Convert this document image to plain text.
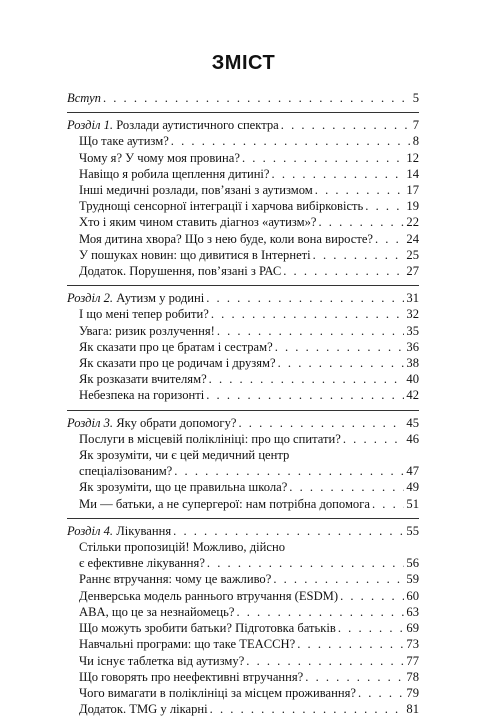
ЗМІСТ
Вступ . . .	5
Розділ 1. Розлади аутистичного спектра . . .	7
Що таке аутизм? . . .	8
Чому я? У чому моя провина? . . .	12
Навіщо я робила щеплення дитині? . . .	14
Інші медичні розлади, пов’язані з аутизмом . . .	17
Труднощі сенсорної інтеграції і харчова вибірковість . . .	19
Хто і яким чином ставить діагноз «аутизм»? . . .	22
Моя дитина хвора? Що з нею буде, коли вона виросте? . . .	24
У пошуках новин: що дивитися в Інтернеті . . .	25
Додаток. Порушення, пов’язані з РАС . . .	27
Розділ 2. Аутизм у родині . . .	31
І що мені тепер робити? . . .	32
Увага: ризик розлучення! . . .	35
Як сказати про це братам і сестрам? . . .	36
Як сказати про це родичам і друзям? . . .	38
Як розказати вчителям? . . .	40
Небезпека на горизонті . . .	42
Розділ 3. Яку обрати допомогу? . . .	45
Послуги в місцевій поліклініці: про що спитати? . . .	46
Як зрозуміти, чи є цей медичний центр
спеціалізованим? . . .	47
Як зрозуміти, що це правильна школа? . . .	49
Ми — батьки, а не супергерої: нам потрібна допомога . . .	51
Розділ 4. Лікування . . .	55
Стільки пропозицій! Можливо, дійсно
є ефективне лікування? . . .	56
Раннє втручання: чому це важливо? . . .	59
Денверська модель раннього втручання (ESDM) . . .	60
ABA, що це за незнайомець? . . .	63
Що можуть зробити батьки? Підготовка батьків . . .	69
Навчальні програми: що таке TEACCH? . . .	73
Чи існує таблетка від аутизму? . . .	77
Що говорять про неефективні втручання? . . .	78
Чого вимагати в поліклініці за місцем проживання? . . .	79
Додаток. TMG у лікарні . . .	81
